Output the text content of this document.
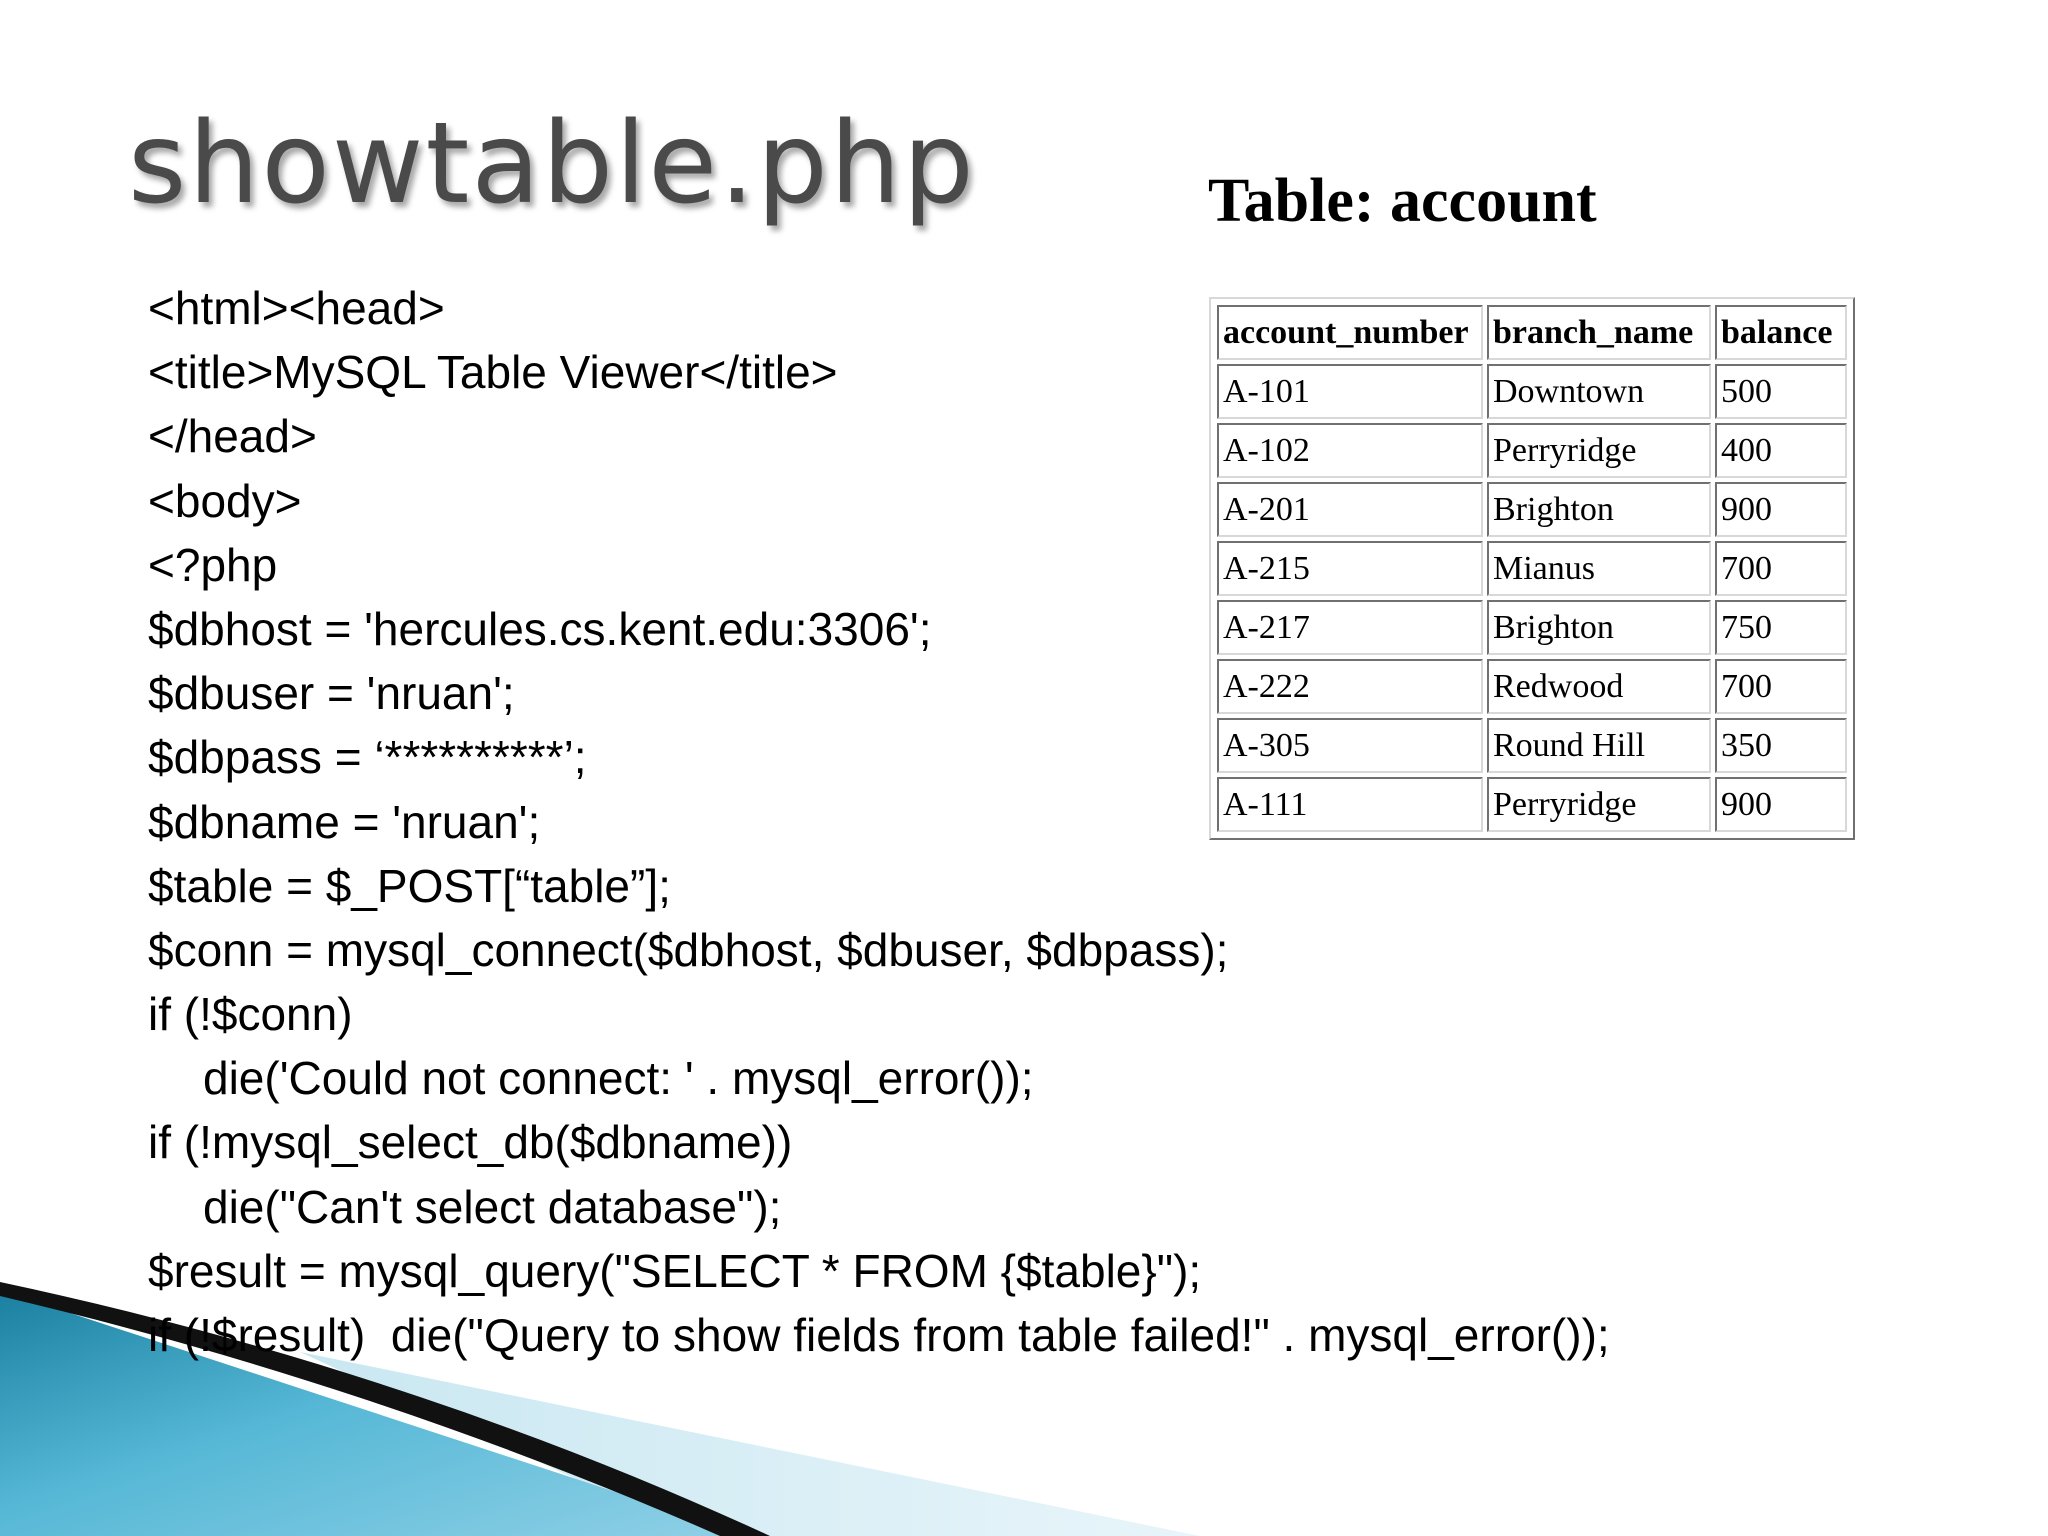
showtable.php
<html><head>
<title>MySQL Table Viewer</title>
</head>
<body>
<?php
$dbhost = 'hercules.cs.kent.edu:3306';
$dbuser = 'nruan';
$dbpass = ‘**********’;
$dbname = 'nruan';
$table = $_POST[“table”];
$conn = mysql_connect($dbhost, $dbuser, $dbpass);
if (!$conn)
die('Could not connect: ' . mysql_error());
if (!mysql_select_db($dbname))
die("Can't select database");
$result = mysql_query("SELECT * FROM {$table}");
if (!$result)  die("Query to show fields from table failed!" . mysql_error());
Table: account
account_number	branch_name	balance
A-101	Downtown	500
A-102	Perryridge	400
A-201	Brighton	900
A-215	Mianus	700
A-217	Brighton	750
A-222	Redwood	700
A-305	Round Hill	350
A-111	Perryridge	900
